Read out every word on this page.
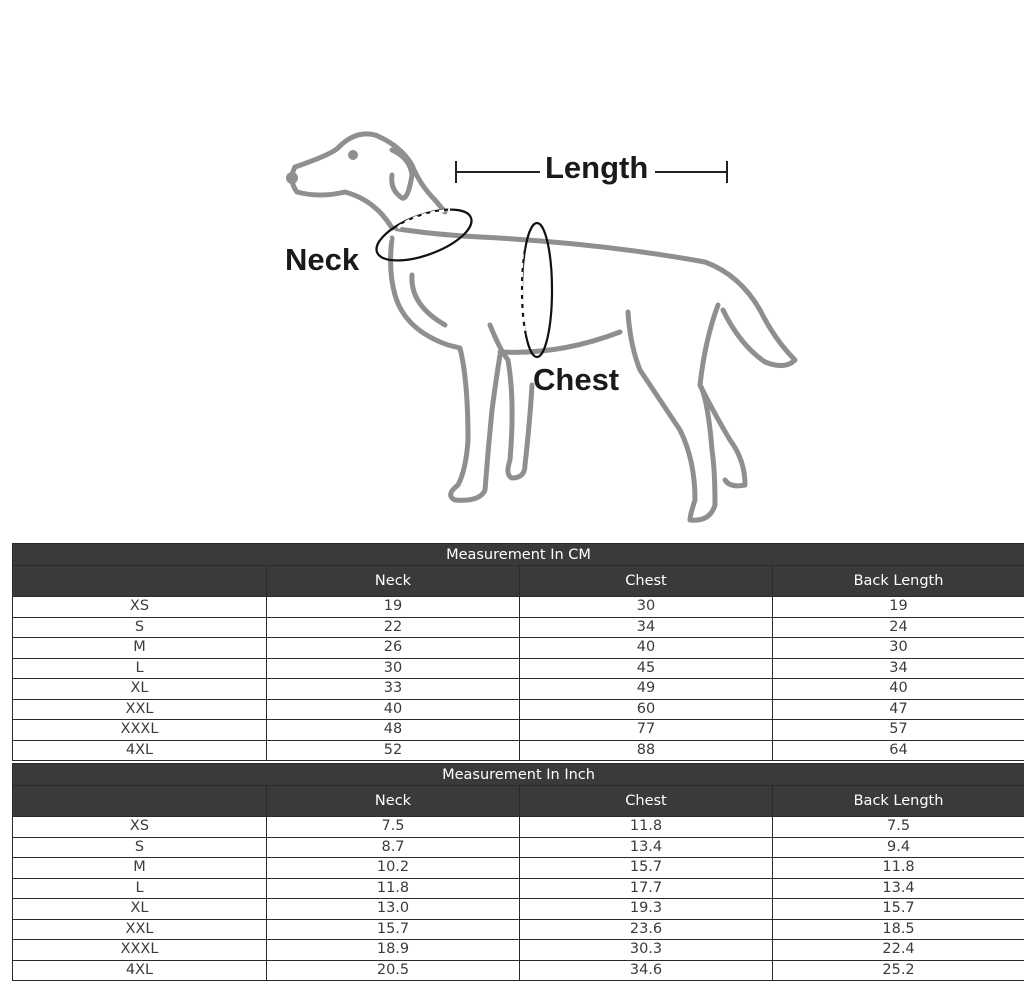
Length
Neck
Chest
Measurement In CM			
	Neck	Chest	Back Length
XS	19	30	19
S	22	34	24
M	26	40	30
L	30	45	34
XL	33	49	40
XXL	40	60	47
XXXL	48	77	57
4XL	52	88	64
Measurement In Inch			
	Neck	Chest	Back Length
XS	7.5	11.8	7.5
S	8.7	13.4	9.4
M	10.2	15.7	11.8
L	11.8	17.7	13.4
XL	13.0	19.3	15.7
XXL	15.7	23.6	18.5
XXXL	18.9	30.3	22.4
4XL	20.5	34.6	25.2
